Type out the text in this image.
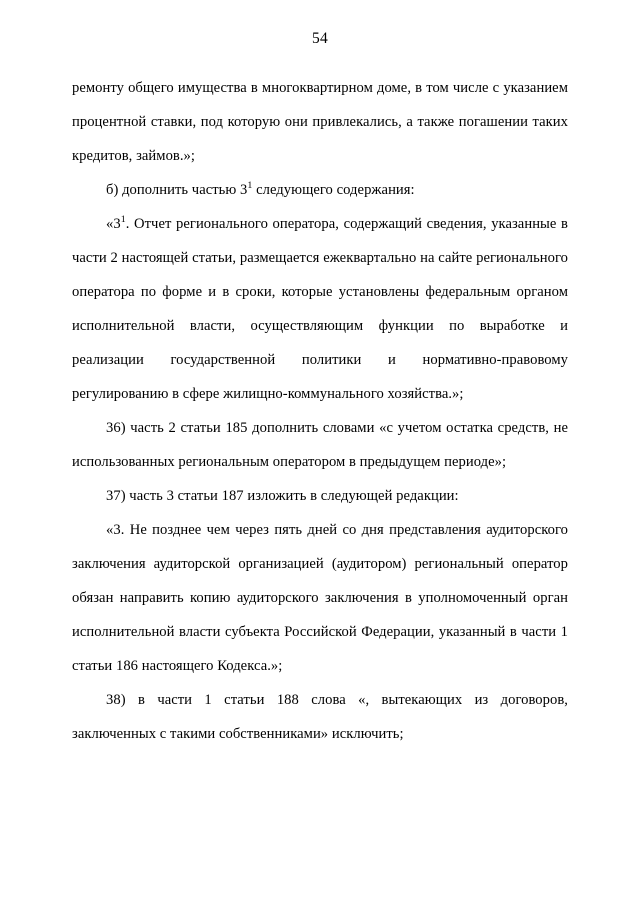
54

ремонту общего имущества в многоквартирном доме, в том числе с указанием процентной ставки, под которую они привлекались, а также погашении таких кредитов, займов.»;

б) дополнить частью $3^1$ следующего содержания:

«$3^1$. Отчет регионального оператора, содержащий сведения, указанные в части 2 настоящей статьи, размещается ежеквартально на сайте регионального оператора по форме и в сроки, которые установлены федеральным органом исполнительной власти, осуществляющим функции по выработке и реализации государственной политики и нормативно-правовому регулированию в сфере жилищно-коммунального хозяйства.»;

36) часть 2 статьи 185 дополнить словами «с учетом остатка средств, не использованных региональным оператором в предыдущем периоде»;

37) часть 3 статьи 187 изложить в следующей редакции:

«3. Не позднее чем через пять дней со дня представления аудиторского заключения аудиторской организацией (аудитором) региональный оператор обязан направить копию аудиторского заключения в уполномоченный орган исполнительной власти субъекта Российской Федерации, указанный в части 1 статьи 186 настоящего Кодекса.»;

38) в части 1 статьи 188 слова «, вытекающих из договоров, заключенных с такими собственниками» исключить;
